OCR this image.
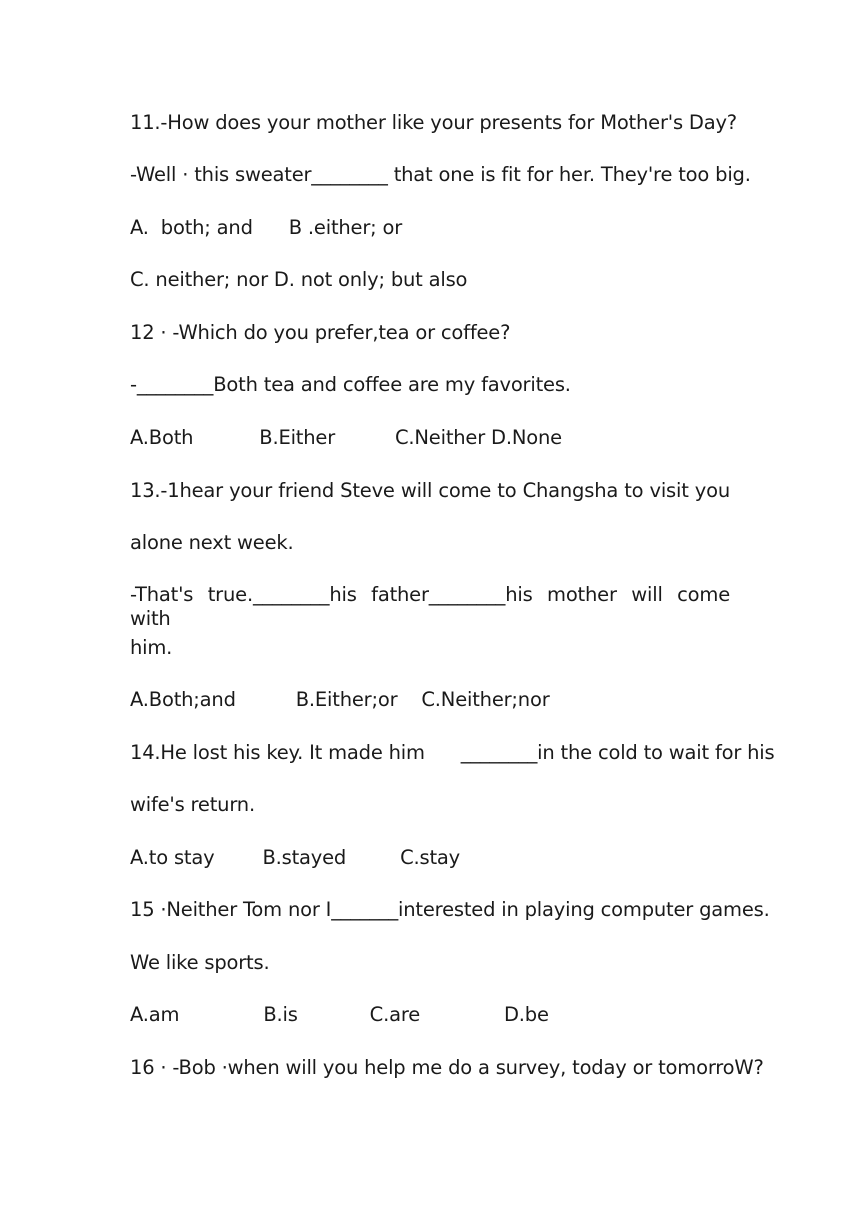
11.-How does your mother like your presents for Mother's Day?
-Well · this sweater________ that one is fit for her. They're too big.
A.  both; and      B .either; or
C. neither; nor D. not only; but also
12 · -Which do you prefer,tea or coffee?
-________Both tea and coffee are my favorites.
A.Both           B.Either          C.Neither D.None
13.-1hear your friend Steve will come to Changsha to visit you
alone next week.
-That's true.________his father________his mother will come with
him.
A.Both;and          B.Either;or    C.Neither;nor
14.He lost his key. It made him      ________in the cold to wait for his
wife's return.
A.to stay        B.stayed         C.stay
15 ·Neither Tom nor I_______interested in playing computer games.
We like sports.
A.am              B.is            C.are              D.be
16 · -Bob ·when will you help me do a survey, today or tomorroW?
